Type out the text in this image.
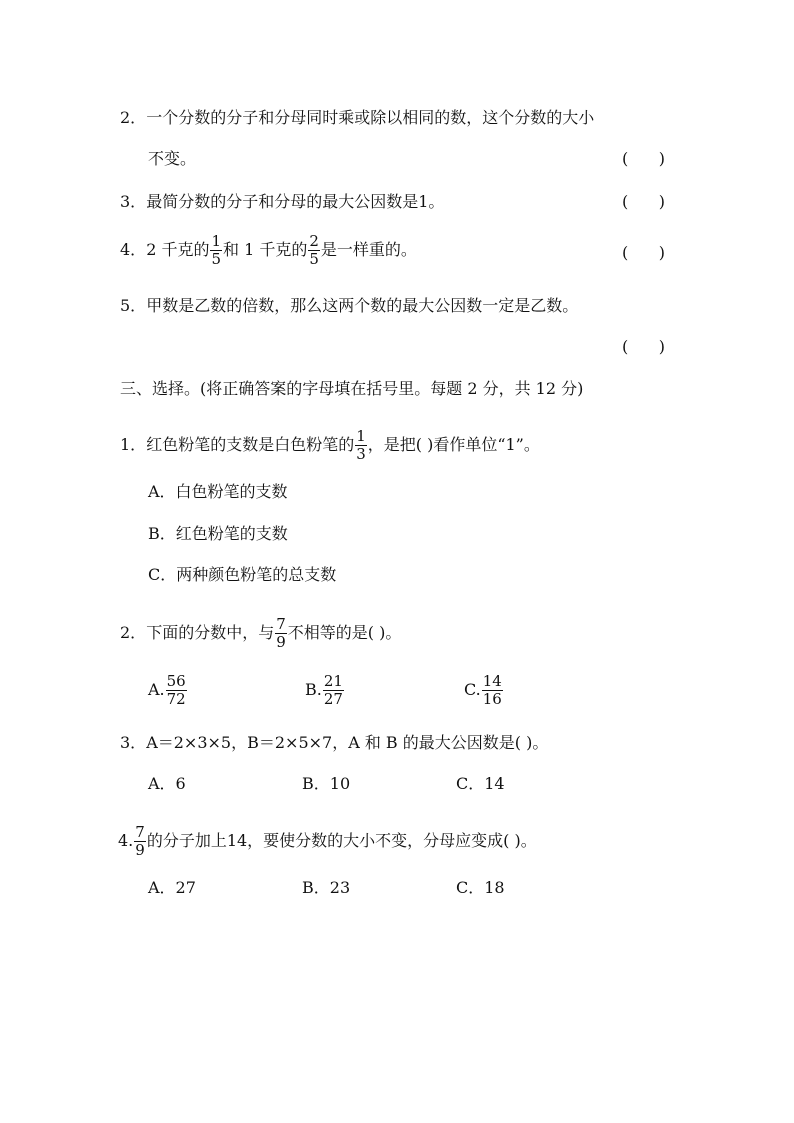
2．一个分数的分子和分母同时乘或除以相同的数，这个分数的大小
不变。	(      )
3．最简分数的分子和分母的最大公因数是1。	(      )
4．2 千克的 $\frac{1}{5}$ 和 1 千克的 $\frac{2}{5}$ 是一样重的。	(      )
5．甲数是乙数的倍数，那么这两个数的最大公因数一定是乙数。
(      )
三、选择。(将正确答案的字母填在括号里。每题 2 分，共 12 分)
1．红色粉笔的支数是白色粉笔的 $\frac{1}{3}$ ，是把( )看作单位“1”。
A．白色粉笔的支数
B．红色粉笔的支数
C．两种颜色粉笔的总支数
2．下面的分数中，与 $\frac{7}{9}$ 不相等的是( )。
A. $\frac{56}{72}$	B. $\frac{21}{27}$	C. $\frac{14}{16}$
3．A＝2×3×5，B＝2×5×7，A 和 B 的最大公因数是( )。
A．6	B．10	C．14
4. $\frac{7}{9}$ 的分子加上14，要使分数的大小不变，分母应变成( )。
A．27	B．23	C．18
